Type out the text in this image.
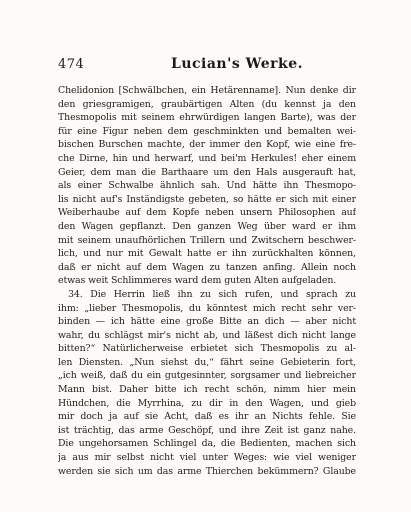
474	Lucian's Werke.
Chelidonion [Schwälbchen, ein Hetärenname]. Nun denke dir
den griesgramigen, graubärtigen Alten (du kennst ja den
Thesmopolis mit seinem ehrwürdigen langen Barte), was der
für eine Figur neben dem geschminkten und bemalten wei-
bischen Burschen machte, der immer den Kopf, wie eine fre-
che Dirne, hin und herwarf, und bei'm Herkules! eher einem
Geier, dem man die Barthaare um den Hals ausgerauft hat,
als einer Schwalbe ähnlich sah. Und hätte ihn Thesmopo-
lis nicht auf's Inständigste gebeten, so hätte er sich mit einer
Weiberhaube auf dem Kopfe neben unsern Philosophen auf
den Wagen gepflanzt. Den ganzen Weg über ward er ihm
mit seinem unaufhörlichen Trillern und Zwitschern beschwer-
lich, und nur mit Gewalt hatte er ihn zurückhalten können,
daß er nicht auf dem Wagen zu tanzen anfing. Allein noch
etwas weit Schlimmeres ward dem guten Alten aufgeladen.
34. Die Herrin ließ ihn zu sich rufen, und sprach zu
ihm: „lieber Thesmopolis, du könntest mich recht sehr ver-
binden — ich hätte eine große Bitte an dich — aber nicht
wahr, du schlägst mir's nicht ab, und läßest dich nicht lange
bitten?“ Natürlicherweise erbietet sich Thesmopolis zu al-
len Diensten. „Nun siehst du,“ fährt seine Gebieterin fort,
„ich weiß, daß du ein gutgesinnter, sorgsamer und liebreicher
Mann bist. Daher bitte ich recht schön, nimm hier mein
Hündchen, die Myrrhina, zu dir in den Wagen, und gieb
mir doch ja auf sie Acht, daß es ihr an Nichts fehle. Sie
ist trächtig, das arme Geschöpf, und ihre Zeit ist ganz nahe.
Die ungehorsamen Schlingel da, die Bedienten, machen sich
ja aus mir selbst nicht viel unter Weges: wie viel weniger
werden sie sich um das arme Thierchen bekümmern? Glaube
